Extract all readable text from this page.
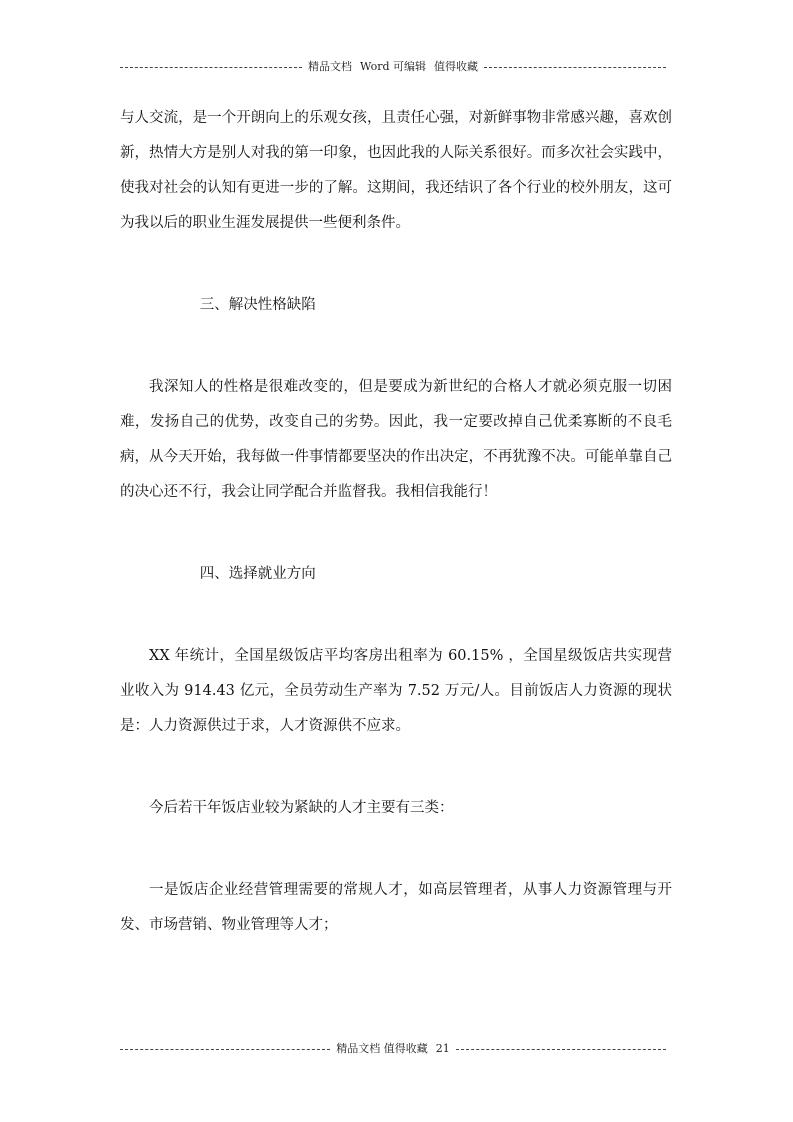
精品文档 Word 可编辑 值得收藏

与人交流，是一个开朗向上的乐观女孩，且责任心强，对新鲜事物非常感兴趣，喜欢创新，热情大方是别人对我的第一印象，也因此我的人际关系很好。而多次社会实践中，使我对社会的认知有更进一步的了解。这期间，我还结识了各个行业的校外朋友，这可为我以后的职业生涯发展提供一些便利条件。

三、解决性格缺陷

我深知人的性格是很难改变的，但是要成为新世纪的合格人才就必须克服一切困难，发扬自己的优势，改变自己的劣势。因此，我一定要改掉自己优柔寡断的不良毛病，从今天开始，我每做一件事情都要坚决的作出决定，不再犹豫不决。可能单靠自己的决心还不行，我会让同学配合并监督我。我相信我能行！

四、选择就业方向

XX 年统计，全国星级饭店平均客房出租率为 60.15% ，全国星级饭店共实现营业收入为 914.43 亿元，全员劳动生产率为 7.52 万元/人。目前饭店人力资源的现状是：人力资源供过于求，人才资源供不应求。

今后若干年饭店业较为紧缺的人才主要有三类：

一是饭店企业经营管理需要的常规人才，如高层管理者，从事人力资源管理与开发、市场营销、物业管理等人才；

精品文档 值得收藏 21
